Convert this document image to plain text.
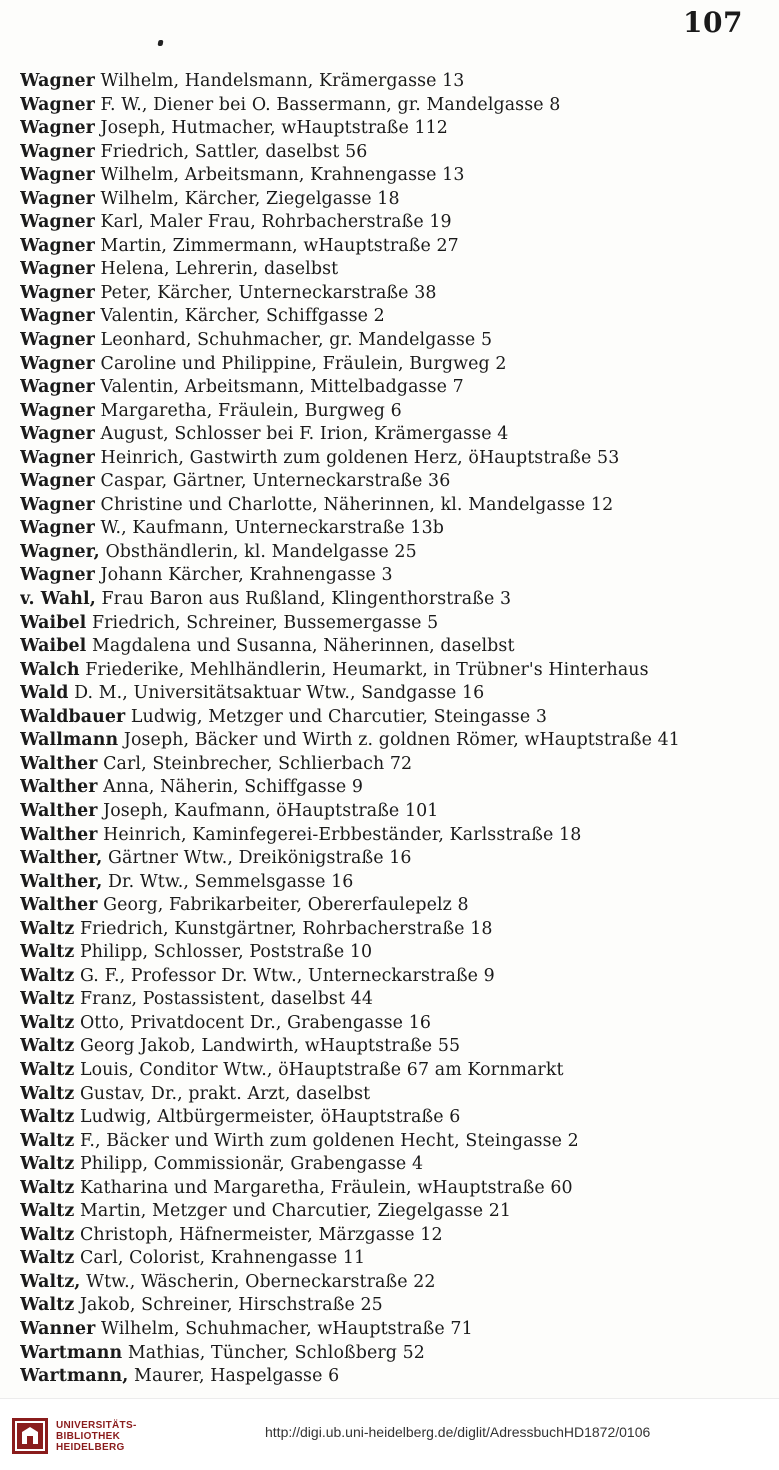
107
Wagner Wilhelm, Handelsmann, Krämergasse 13
Wagner F. W., Diener bei O. Bassermann, gr. Mandelgasse 8
Wagner Joseph, Hutmacher, wHauptstraße 112
Wagner Friedrich, Sattler, daselbst 56
Wagner Wilhelm, Arbeitsmann, Krahnengasse 13
Wagner Wilhelm, Kärcher, Ziegelgasse 18
Wagner Karl, Maler Frau, Rohrbacherstraße 19
Wagner Martin, Zimmermann, wHauptstraße 27
Wagner Helena, Lehrerin, daselbst
Wagner Peter, Kärcher, Unterneckarstraße 38
Wagner Valentin, Kärcher, Schiffgasse 2
Wagner Leonhard, Schuhmacher, gr. Mandelgasse 5
Wagner Caroline und Philippine, Fräulein, Burgweg 2
Wagner Valentin, Arbeitsmann, Mittelbadgasse 7
Wagner Margaretha, Fräulein, Burgweg 6
Wagner August, Schlosser bei F. Irion, Krämergasse 4
Wagner Heinrich, Gastwirth zum goldenen Herz, öHauptstraße 53
Wagner Caspar, Gärtner, Unterneckarstraße 36
Wagner Christine und Charlotte, Näherinnen, kl. Mandelgasse 12
Wagner W., Kaufmann, Unterneckarstraße 13b
Wagner, Obsthändlerin, kl. Mandelgasse 25
Wagner Johann Kärcher, Krahnengasse 3
v. Wahl, Frau Baron aus Rußland, Klingenthorstraße 3
Waibel Friedrich, Schreiner, Bussemergasse 5
Waibel Magdalena und Susanna, Näherinnen, daselbst
Walch Friederike, Mehlhändlerin, Heumarkt, in Trübner's Hinterhaus
Wald D. M., Universitätsaktuar Wtw., Sandgasse 16
Waldbauer Ludwig, Metzger und Charcutier, Steingasse 3
Wallmann Joseph, Bäcker und Wirth z. goldnen Römer, wHauptstraße 41
Walther Carl, Steinbrecher, Schlierbach 72
Walther Anna, Näherin, Schiffgasse 9
Walther Joseph, Kaufmann, öHauptstraße 101
Walther Heinrich, Kaminfegerei-Erbbeständer, Karlsstraße 18
Walther, Gärtner Wtw., Dreikönigstraße 16
Walther, Dr. Wtw., Semmelsgasse 16
Walther Georg, Fabrikarbeiter, Obererfaulepelz 8
Waltz Friedrich, Kunstgärtner, Rohrbacherstraße 18
Waltz Philipp, Schlosser, Poststraße 10
Waltz G. F., Professor Dr. Wtw., Unterneckarstraße 9
Waltz Franz, Postassistent, daselbst 44
Waltz Otto, Privatdocent Dr., Grabengasse 16
Waltz Georg Jakob, Landwirth, wHauptstraße 55
Waltz Louis, Conditor Wtw., öHauptstraße 67 am Kornmarkt
Waltz Gustav, Dr., prakt. Arzt, daselbst
Waltz Ludwig, Altbürgermeister, öHauptstraße 6
Waltz F., Bäcker und Wirth zum goldenen Hecht, Steingasse 2
Waltz Philipp, Commissionär, Grabengasse 4
Waltz Katharina und Margaretha, Fräulein, wHauptstraße 60
Waltz Martin, Metzger und Charcutier, Ziegelgasse 21
Waltz Christoph, Häfnermeister, Märzgasse 12
Waltz Carl, Colorist, Krahnengasse 11
Waltz, Wtw., Wäscherin, Oberneckarstraße 22
Waltz Jakob, Schreiner, Hirschstraße 25
Wanner Wilhelm, Schuhmacher, wHauptstraße 71
Wartmann Mathias, Tüncher, Schloßberg 52
Wartmann, Maurer, Haspelgasse 6
UNIVERSITÄTS-
BIBLIOTHEK
HEIDELBERG
http://digi.ub.uni-heidelberg.de/diglit/AdressbuchHD1872/0106
